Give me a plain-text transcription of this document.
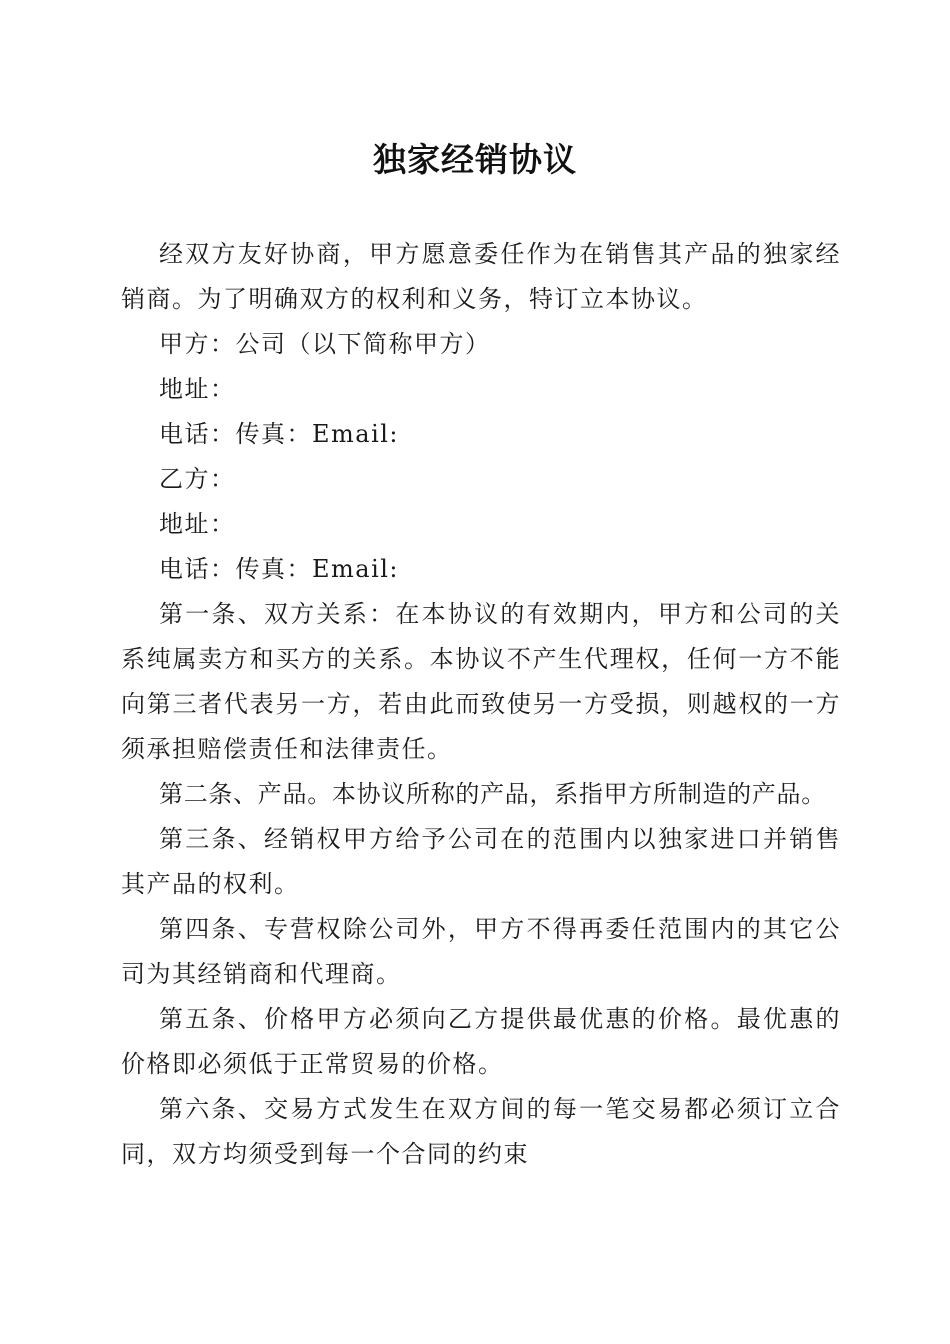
独家经销协议

经双方友好协商，甲方愿意委任作为在销售其产品的独家经销商。为了明确双方的权利和义务，特订立本协议。

甲方：公司（以下简称甲方）

地址：

电话：传真：Email:

乙方：

地址：

电话：传真：Email:

第一条、双方关系：在本协议的有效期内，甲方和公司的关系纯属卖方和买方的关系。本协议不产生代理权，任何一方不能向第三者代表另一方，若由此而致使另一方受损，则越权的一方须承担赔偿责任和法律责任。

第二条、产品。本协议所称的产品，系指甲方所制造的产品。

第三条、经销权甲方给予公司在的范围内以独家进口并销售其产品的权利。

第四条、专营权除公司外，甲方不得再委任范围内的其它公司为其经销商和代理商。

第五条、价格甲方必须向乙方提供最优惠的价格。最优惠的价格即必须低于正常贸易的价格。

第六条、交易方式发生在双方间的每一笔交易都必须订立合同，双方均须受到每一个合同的约束
